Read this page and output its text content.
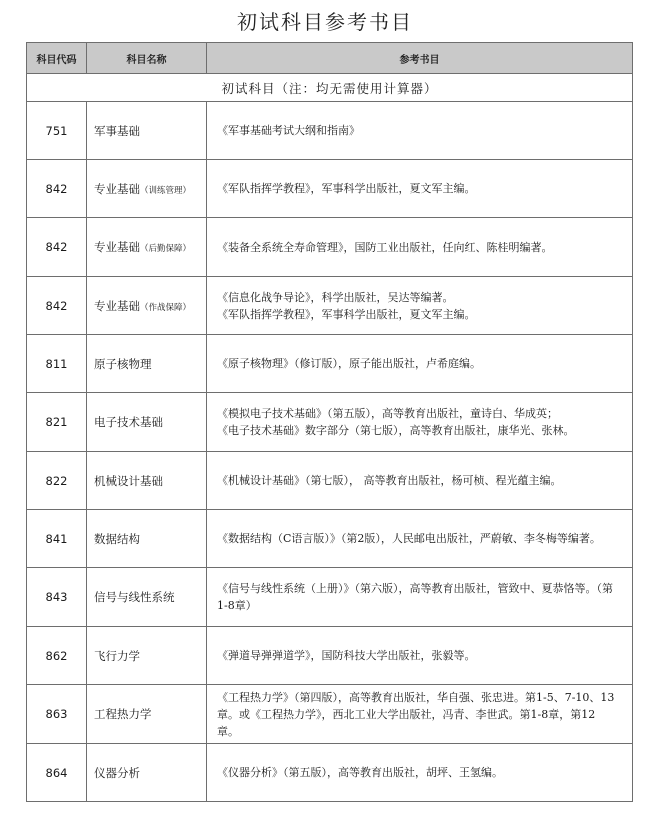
初试科目参考书目
科目代码	科目名称	参考书目
初试科目（注：均无需使用计算器）		
751	军事基础	《军事基础考试大纲和指南》

842	专业基础（训练管理）	《军队指挥学教程》，军事科学出版社，夏文军主编。

842	专业基础（后勤保障）	《装备全系统全寿命管理》，国防工业出版社，任向红、陈桂明编著。

842	专业基础（作战保障）	《信息化战争导论》，科学出版社，吴达等编著。
《军队指挥学教程》，军事科学出版社，夏文军主编。

811	原子核物理	《原子核物理》（修订版），原子能出版社，卢希庭编。

821	电子技术基础	《模拟电子技术基础》（第五版），高等教育出版社，童诗白、华成英；
《电子技术基础》数字部分（第七版），高等教育出版社，康华光、张林。

822	机械设计基础	《机械设计基础》（第七版）， 高等教育出版社，杨可桢、程光蕴主编。

841	数据结构	《数据结构（C语言版）》（第2版），人民邮电出版社，严蔚敏、李冬梅等编著。

843	信号与线性系统	《信号与线性系统（上册）》（第六版），高等教育出版社，管致中、夏恭恪等。（第
1-8章）

862	飞行力学	《弹道导弹弹道学》，国防科技大学出版社，张毅等。

863	工程热力学	《工程热力学》（第四版），高等教育出版社，华自强、张忠进。第1-5、7-10、13
章。或《工程热力学》，西北工业大学出版社，冯青、李世武。第1-8章，第12
章。

864	仪器分析	《仪器分析》（第五版），高等教育出版社，胡坪、王氢编。
